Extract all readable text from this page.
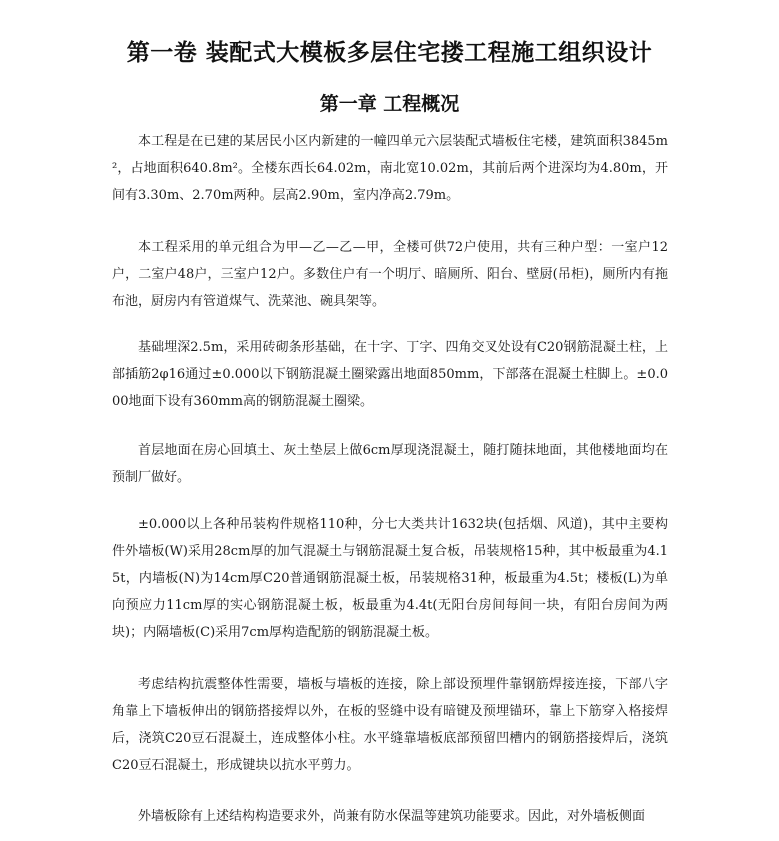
第一卷 装配式大模板多层住宅搂工程施工组织设计
第一章 工程概况

本工程是在已建的某居民小区内新建的一幢四单元六层装配式墙板住宅楼，建筑面积3845m²，占地面积640.8m²。全楼东西长64.02m，南北宽10.02m，其前后两个进深均为4.80m，开间有3.30m、2.70m两种。层高2.90m，室内净高2.79m。

本工程采用的单元组合为甲—乙—乙—甲，全楼可供72户使用，共有三种户型：一室户12户，二室户48户，三室户12户。多数住户有一个明厅、暗厕所、阳台、壁厨(吊柜)，厕所内有拖布池，厨房内有管道煤气、洗菜池、碗具架等。

基础埋深2.5m，采用砖砌条形基础，在十字、丁字、四角交叉处设有C20钢筋混凝土柱，上部插筋2φ16通过±0.000以下钢筋混凝土圈梁露出地面850mm，下部落在混凝土柱脚上。±0.000地面下设有360mm高的钢筋混凝土圈梁。

首层地面在房心回填土、灰土垫层上做6cm厚现浇混凝土，随打随抹地面，其他楼地面均在预制厂做好。

±0.000以上各种吊装构件规格110种，分七大类共计1632块(包括烟、风道)，其中主要构件外墙板(W)采用28cm厚的加气混凝土与钢筋混凝土复合板，吊装规格15种，其中板最重为4.15t，内墙板(N)为14cm厚C20普通钢筋混凝土板，吊装规格31种，板最重为4.5t；楼板(L)为单向预应力11cm厚的实心钢筋混凝土板，板最重为4.4t(无阳台房间每间一块，有阳台房间为两块)；内隔墙板(C)采用7cm厚构造配筋的钢筋混凝土板。

考虑结构抗震整体性需要，墙板与墙板的连接，除上部设预埋件靠钢筋焊接连接，下部八字角靠上下墙板伸出的钢筋搭接焊以外，在板的竖缝中设有暗键及预埋锚环，靠上下筋穿入格接焊后，浇筑C20豆石混凝土，连成整体小柱。水平缝靠墙板底部预留凹槽内的钢筋搭接焊后，浇筑C20豆石混凝土，形成键块以抗水平剪力。

外墙板除有上述结构构造要求外，尚兼有防水保温等建筑功能要求。因此，对外墙板侧面
